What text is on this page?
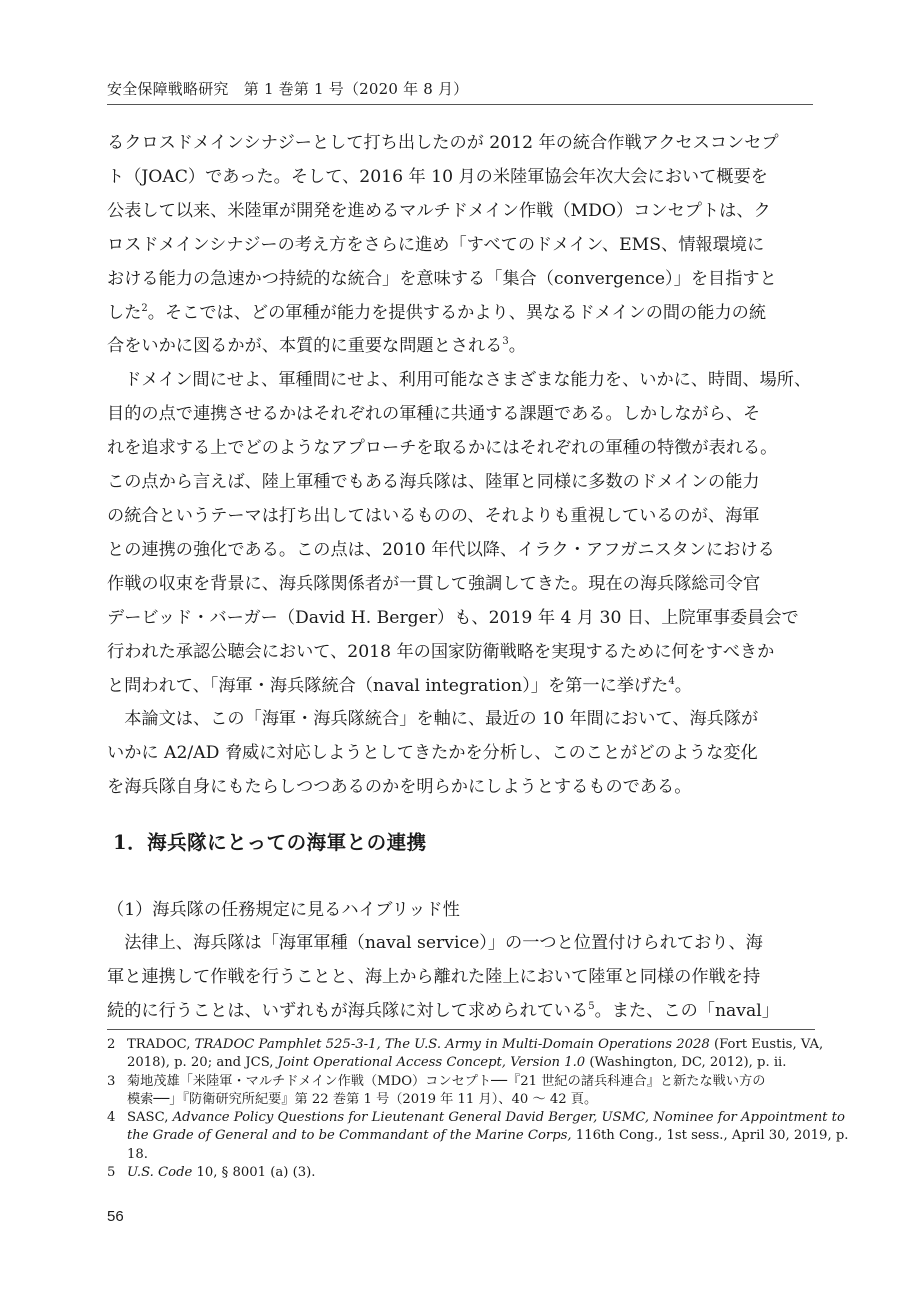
安全保障戦略研究　第 1 巻第 1 号（2020 年 8 月）
るクロスドメインシナジーとして打ち出したのが 2012 年の統合作戦アクセスコンセプ
ト（JOAC）であった。そして、2016 年 10 月の米陸軍協会年次大会において概要を
公表して以来、米陸軍が開発を進めるマルチドメイン作戦（MDO）コンセプトは、ク
ロスドメインシナジーの考え方をさらに進め「すべてのドメイン、EMS、情報環境に
おける能力の急速かつ持続的な統合」を意味する「集合（convergence）」を目指すと
した$^2$。そこでは、どの軍種が能力を提供するかより、異なるドメインの間の能力の統
合をいかに図るかが、本質的に重要な問題とされる$^3$。
　ドメイン間にせよ、軍種間にせよ、利用可能なさまざまな能力を、いかに、時間、場所、
目的の点で連携させるかはそれぞれの軍種に共通する課題である。しかしながら、そ
れを追求する上でどのようなアプローチを取るかにはそれぞれの軍種の特徴が表れる。
この点から言えば、陸上軍種でもある海兵隊は、陸軍と同様に多数のドメインの能力
の統合というテーマは打ち出してはいるものの、それよりも重視しているのが、海軍
との連携の強化である。この点は、2010 年代以降、イラク・アフガニスタンにおける
作戦の収束を背景に、海兵隊関係者が一貫して強調してきた。現在の海兵隊総司令官
デービッド・バーガー（David H. Berger）も、2019 年 4 月 30 日、上院軍事委員会で
行われた承認公聴会において、2018 年の国家防衛戦略を実現するために何をすべきか
と問われて、「海軍・海兵隊統合（naval integration）」を第一に挙げた$^4$。
　本論文は、この「海軍・海兵隊統合」を軸に、最近の 10 年間において、海兵隊が
いかに A2/AD 脅威に対応しようとしてきたかを分析し、このことがどのような変化
を海兵隊自身にもたらしつつあるのかを明らかにしようとするものである。
1．海兵隊にとっての海軍との連携
（1）海兵隊の任務規定に見るハイブリッド性
　法律上、海兵隊は「海軍軍種（naval service）」の一つと位置付けられており、海
軍と連携して作戦を行うことと、海上から離れた陸上において陸軍と同様の作戦を持
続的に行うことは、いずれもが海兵隊に対して求められている$^5$。また、この「naval」
2 TRADOC, TRADOC Pamphlet 525-3-1, The U.S. Army in Multi-Domain Operations 2028 (Fort Eustis, VA,
2018), p. 20; and JCS, Joint Operational Access Concept, Version 1.0 (Washington, DC, 2012), p. ii.
3 菊地茂雄「米陸軍・マルチドメイン作戦（MDO）コンセプト──『21 世紀の諸兵科連合』と新たな戦い方の
模索──」『防衛研究所紀要』第 22 巻第 1 号（2019 年 11 月）、40 ～ 42 頁。
4 SASC, Advance Policy Questions for Lieutenant General David Berger, USMC, Nominee for Appointment to
the Grade of General and to be Commandant of the Marine Corps, 116th Cong., 1st sess., April 30, 2019, p.
18.
5 U.S. Code 10, § 8001 (a) (3).
56
